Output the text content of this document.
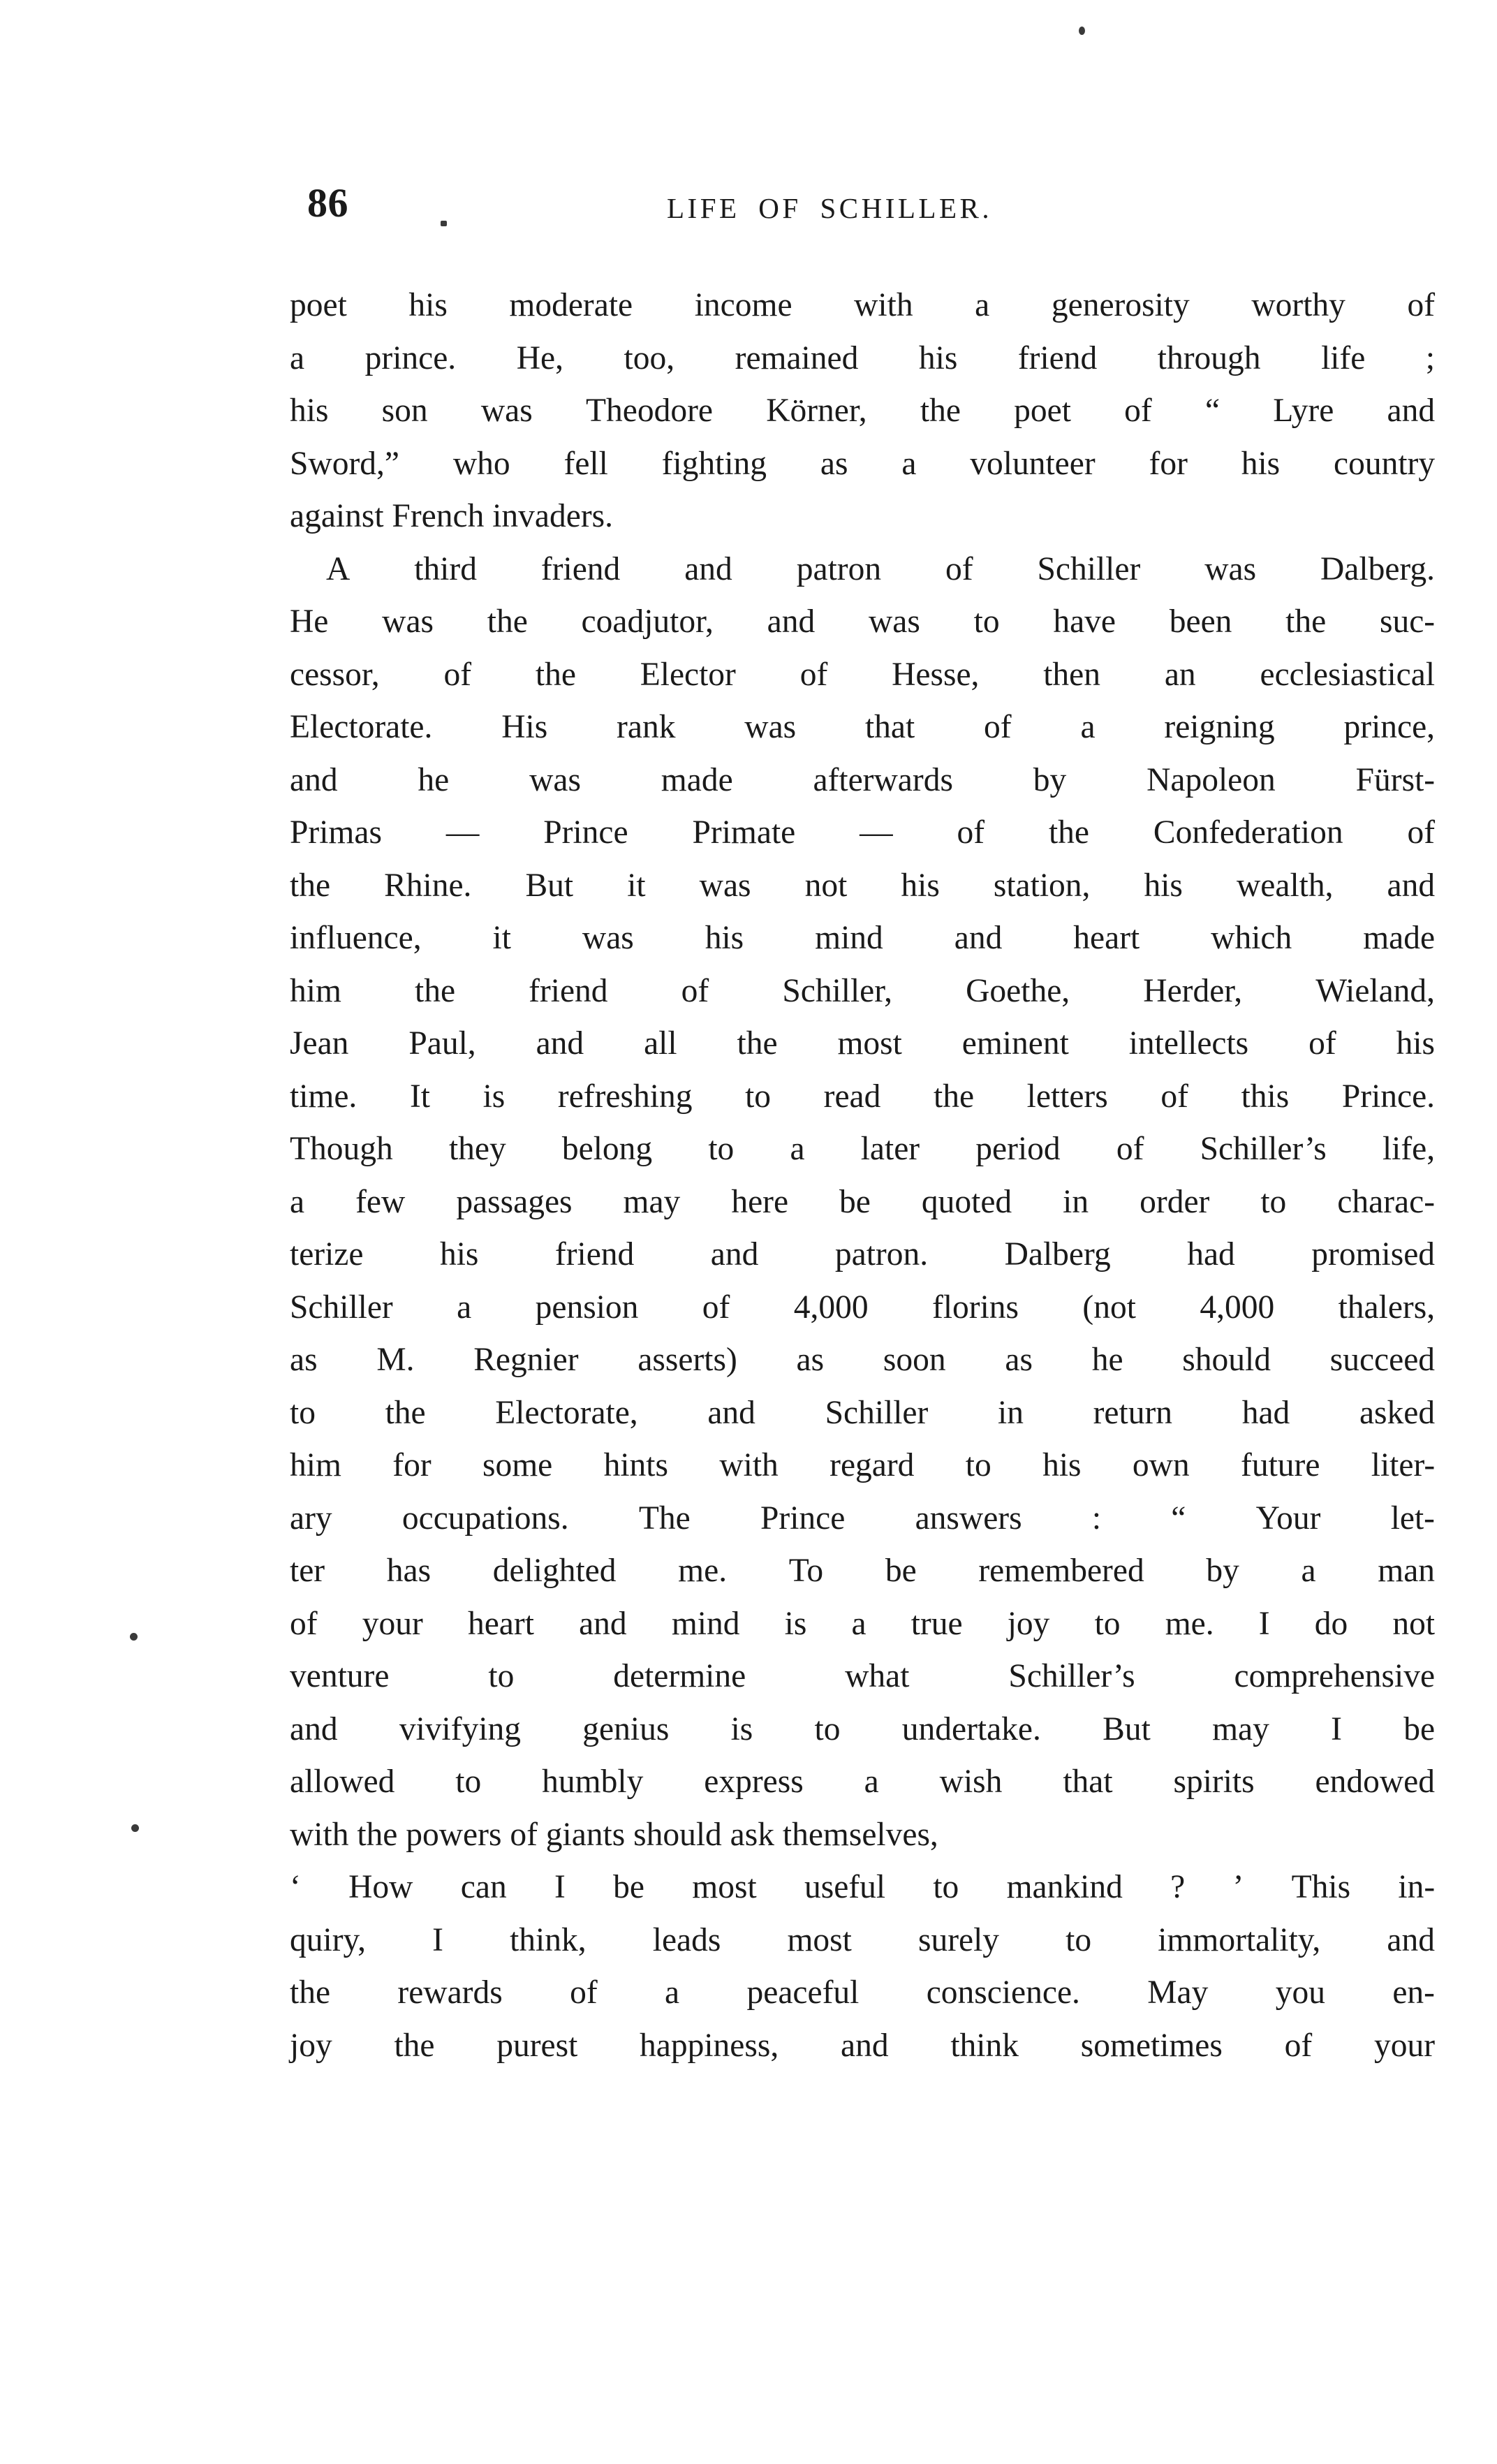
86	LIFE OF SCHILLER.
poet his moderate income with a generosity worthy of
a prince. He, too, remained his friend through life ;
his son was Theodore Körner, the poet of “ Lyre and
Sword,” who fell fighting as a volunteer for his country
against French invaders.
A third friend and patron of Schiller was Dalberg.
He was the coadjutor, and was to have been the suc-
cessor, of the Elector of Hesse, then an ecclesiastical
Electorate. His rank was that of a reigning prince,
and he was made afterwards by Napoleon Fürst-
Primas — Prince Primate — of the Confederation of
the Rhine. But it was not his station, his wealth, and
influence, it was his mind and heart which made
him the friend of Schiller, Goethe, Herder, Wieland,
Jean Paul, and all the most eminent intellects of his
time. It is refreshing to read the letters of this Prince.
Though they belong to a later period of Schiller’s life,
a few passages may here be quoted in order to charac-
terize his friend and patron. Dalberg had promised
Schiller a pension of 4,000 florins (not 4,000 thalers,
as M. Regnier asserts) as soon as he should succeed
to the Electorate, and Schiller in return had asked
him for some hints with regard to his own future liter-
ary occupations. The Prince answers : “ Your let-
ter has delighted me. To be remembered by a man
of your heart and mind is a true joy to me. I do not
venture	to	determine	what	Schiller’s	comprehensive
and vivifying genius is to undertake. But may I be
allowed to humbly express a wish that spirits endowed
with the powers of giants should ask themselves,
‘ How can I be most useful to mankind ? ’ This in-
quiry, I think, leads most surely to immortality, and
the rewards of a peaceful conscience. May you en-
joy the purest happiness, and think sometimes of your
